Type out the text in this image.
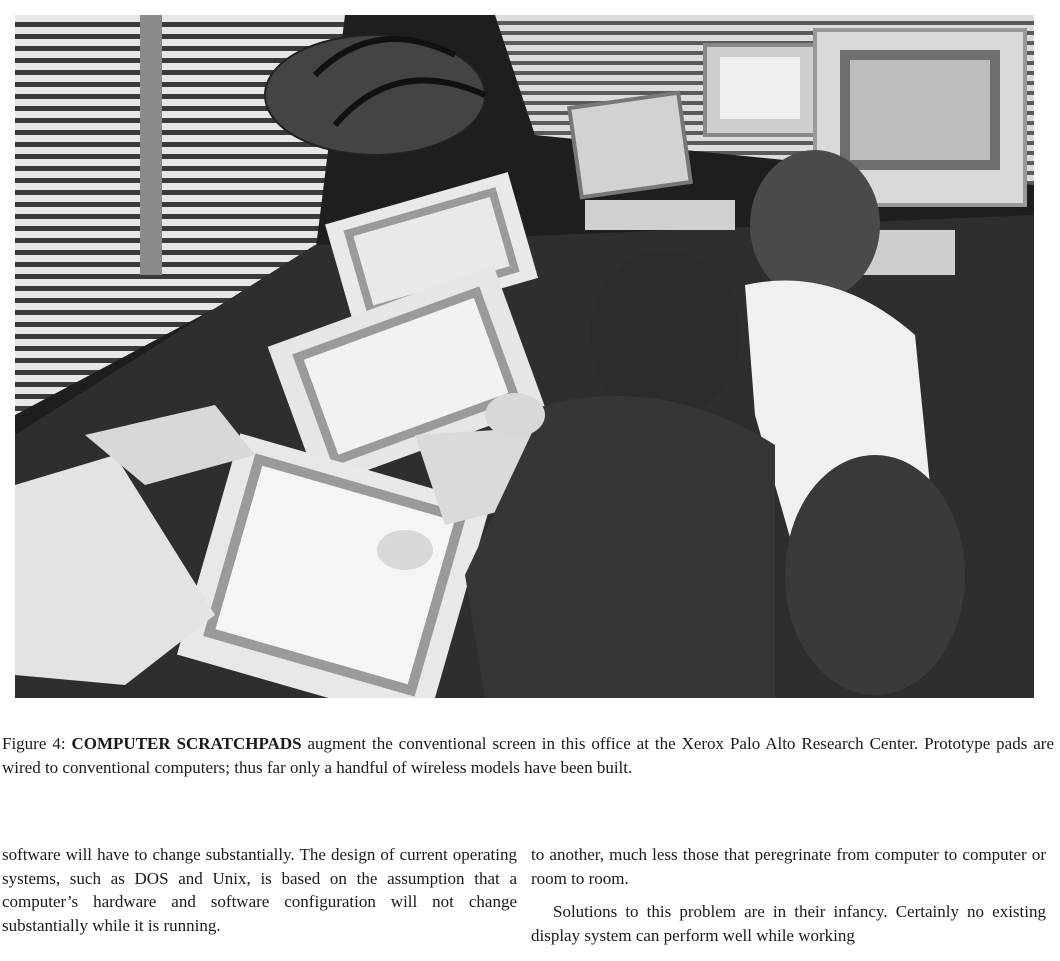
Figure 4: COMPUTER SCRATCHPADS augment the conventional screen in this office at the Xerox Palo Alto Research Center. Prototype pads are wired to conventional computers; thus far only a handful of wireless models have been built.

software will have to change substantially. The design of current operating systems, such as DOS and Unix, is based on the assumption that a computer’s hardware and software configuration will not change substantially while it is running.

to another, much less those that peregrinate from computer to computer or room to room.

Solutions to this problem are in their infancy. Certainly no existing display system can perform well while working
